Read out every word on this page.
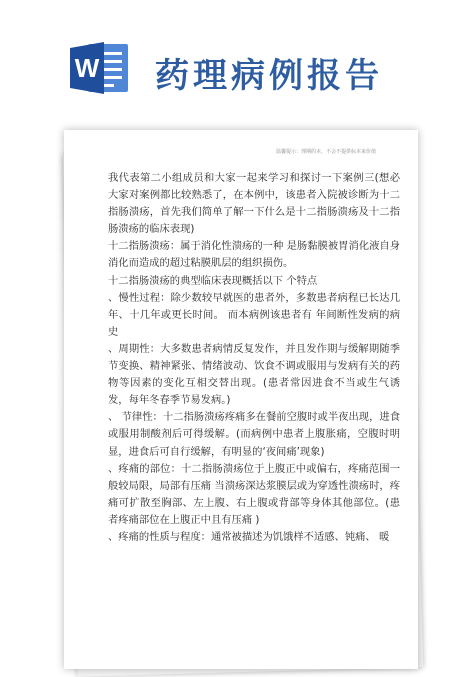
W 药理病例报告
温馨提示：理期的本，不会不提供标本来价值

我代表第二小组成员和大家一起来学习和探讨一下案例三(想必大家对案例都比较熟悉了，在本例中，该患者入院被诊断为十二指肠溃疡，首先我们简单了解一下什么是十二指肠溃疡及十二指肠溃疡的临床表现)

十二指肠溃疡：属于消化性溃疡的一种 是肠黏膜被胃消化液自身消化而造成的超过粘膜肌层的组织损伤。

十二指肠溃疡的典型临床表现概括以下 个特点

、慢性过程：除少数较早就医的患者外，多数患者病程已长达几年、十几年或更长时间。 而本病例该患者有 年间断性发病的病史

、周期性：大多数患者病情反复发作，并且发作期与缓解期随季节变换、精神紧张、情绪波动、饮食不调或服用与发病有关的药物等因素的变化互相交替出现。(患者常因进食不当或生气诱发，每年冬春季节易发病。)

、 节律性：十二指肠溃疡疼痛多在餐前空腹时或半夜出现，进食或服用制酸剂后可得缓解。(而病例中患者上腹胀痛，空腹时明显，进食后可自行缓解，有明显的‘夜间痛’现象)

、疼痛的部位：十二指肠溃疡位于上腹正中或偏右，疼痛范围一般较局限，局部有压痛 当溃疡深达浆膜层或为穿透性溃疡时，疼痛可扩散至胸部、左上腹、右上腹或背部等身体其他部位。(患者疼痛部位在上腹正中且有压痛 )

、疼痛的性质与程度：通常被描述为饥饿样不适感、钝痛、 暖
